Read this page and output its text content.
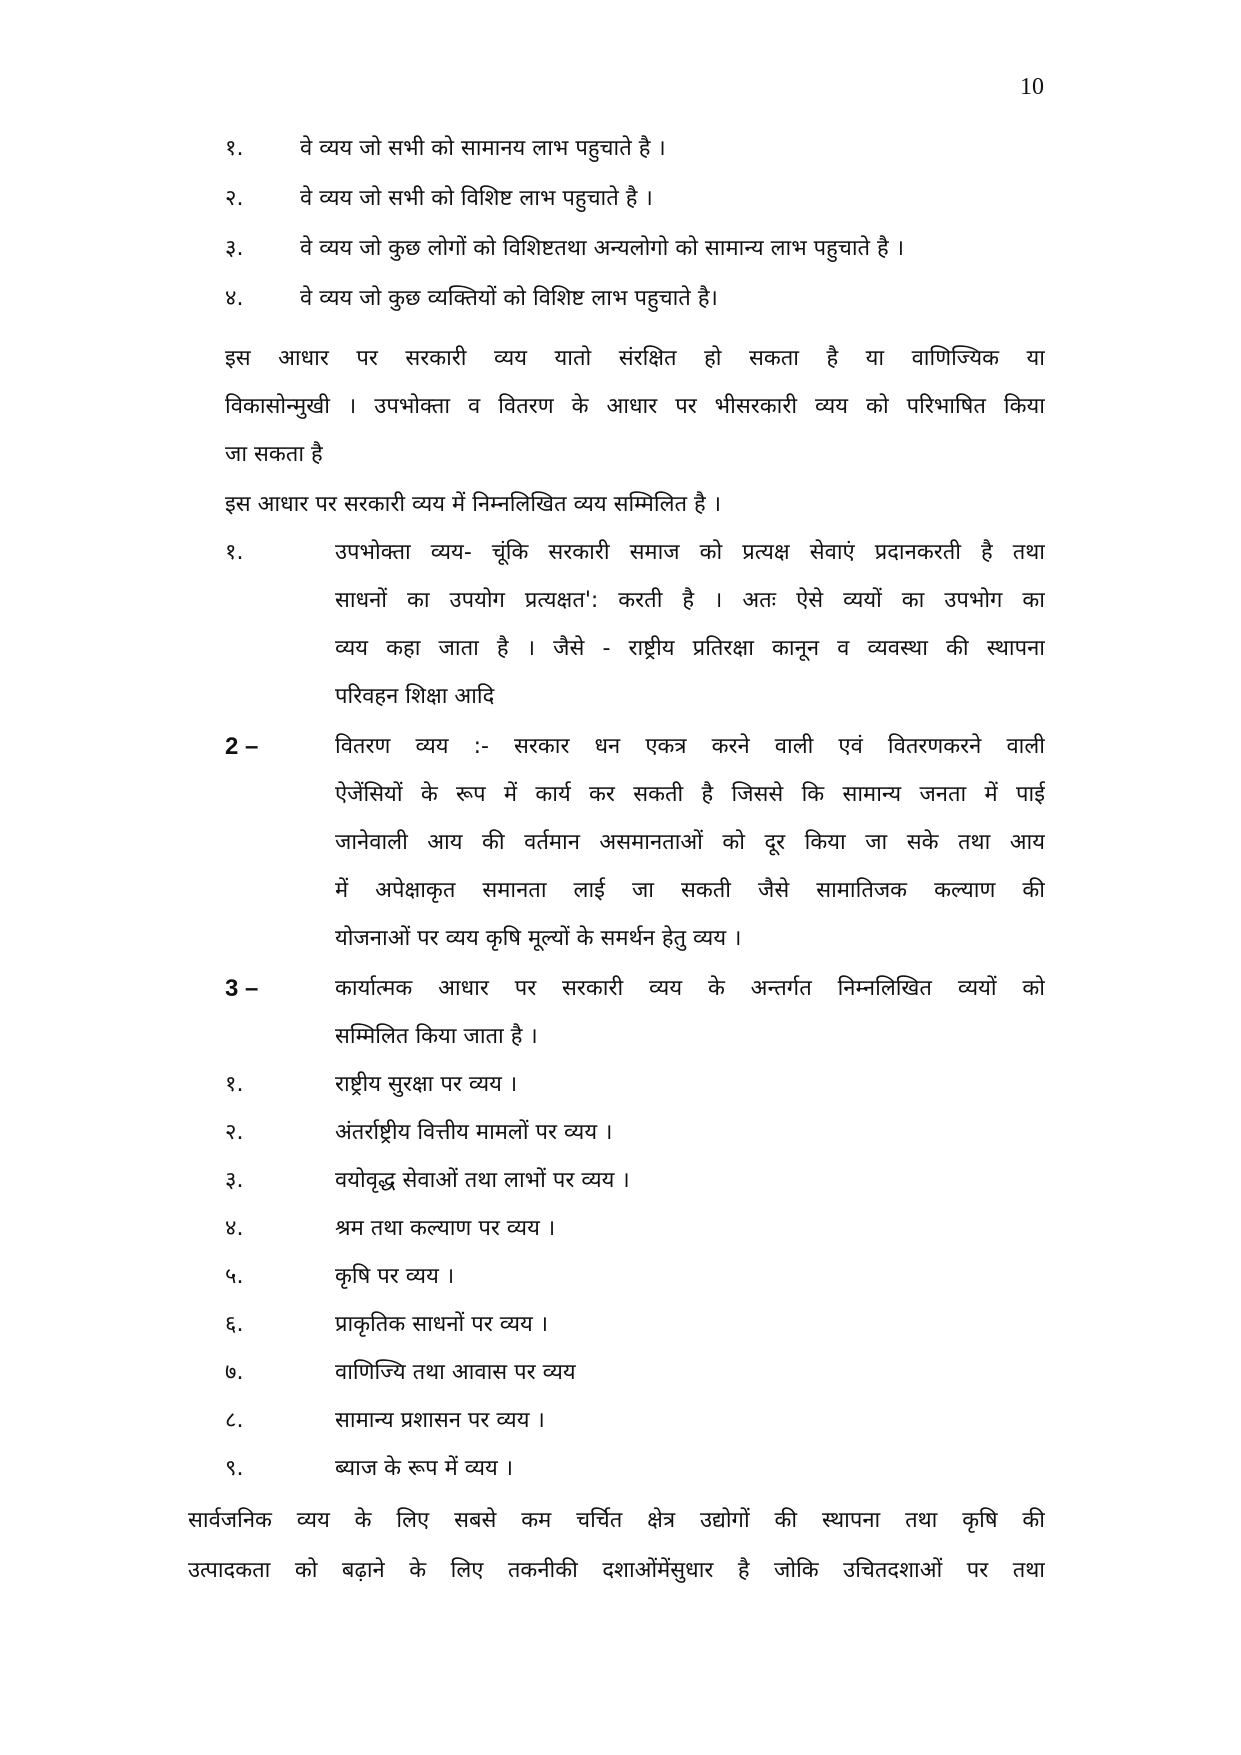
10
१.	वे व्यय जो सभी को सामानय लाभ पहुचाते है ।
२.	वे व्यय जो सभी को विशिष्ट लाभ पहुचाते है ।
३.	वे व्यय जो कुछ लोगों को विशिष्टतथा अन्यलोगो को सामान्य लाभ पहुचाते है ।
४.	वे व्यय जो कुछ व्यक्तियों को विशिष्ट लाभ पहुचाते है।
इस आधार पर सरकारी व्यय यातो संरक्षित हो सकता है या वाणिज्यिक या
विकासोन्मुखी । उपभोक्ता व वितरण के आधार पर भीसरकारी व्यय को परिभाषित किया
जा सकता है
इस आधार पर सरकारी व्यय में निम्नलिखित व्यय सम्मिलित है ।
१.	उपभोक्ता व्यय- चूंकि सरकारी समाज को प्रत्यक्ष सेवाएं प्रदानकरती है तथा
साधनों का उपयोग प्रत्यक्षत': करती है । अतः ऐसे व्ययों का उपभोग का
व्यय कहा जाता है । जैसे - राष्ट्रीय प्रतिरक्षा कानून व व्यवस्था की स्थापना
परिवहन शिक्षा आदि
2 –	वितरण व्यय :- सरकार धन एकत्र करने वाली एवं वितरणकरने वाली
ऐजेंसियों के रूप में कार्य कर सकती है जिससे कि सामान्य जनता में पाई
जानेवाली आय की वर्तमान असमानताओं को दूर किया जा सके तथा आय
में अपेक्षाकृत समानता लाई जा सकती जैसे सामातिजक कल्याण की
योजनाओं पर व्यय कृषि मूल्यों के समर्थन हेतु व्यय ।
3 –	कार्यात्मक आधार पर सरकारी व्यय के अन्तर्गत निम्नलिखित व्ययों को
सम्मिलित किया जाता है ।
१.	राष्ट्रीय सुरक्षा पर व्यय ।
२.	अंतर्राष्ट्रीय वित्तीय मामलों पर व्यय ।
३.	वयोवृद्ध सेवाओं तथा लाभों पर व्यय ।
४.	श्रम तथा कल्याण पर व्यय ।
५.	कृषि पर व्यय ।
६.	प्राकृतिक साधनों पर व्यय ।
७.	वाणिज्यि तथा आवास पर व्यय
८.	सामान्य प्रशासन पर व्यय ।
९.	ब्याज के रूप में व्यय ।
सार्वजनिक व्यय के लिए सबसे कम चर्चित क्षेत्र उद्योगों की स्थापना तथा कृषि की
उत्पादकता को बढ़ाने के लिए तकनीकी दशाओंमेंसुधार है जोकि उचितदशाओं पर तथा
